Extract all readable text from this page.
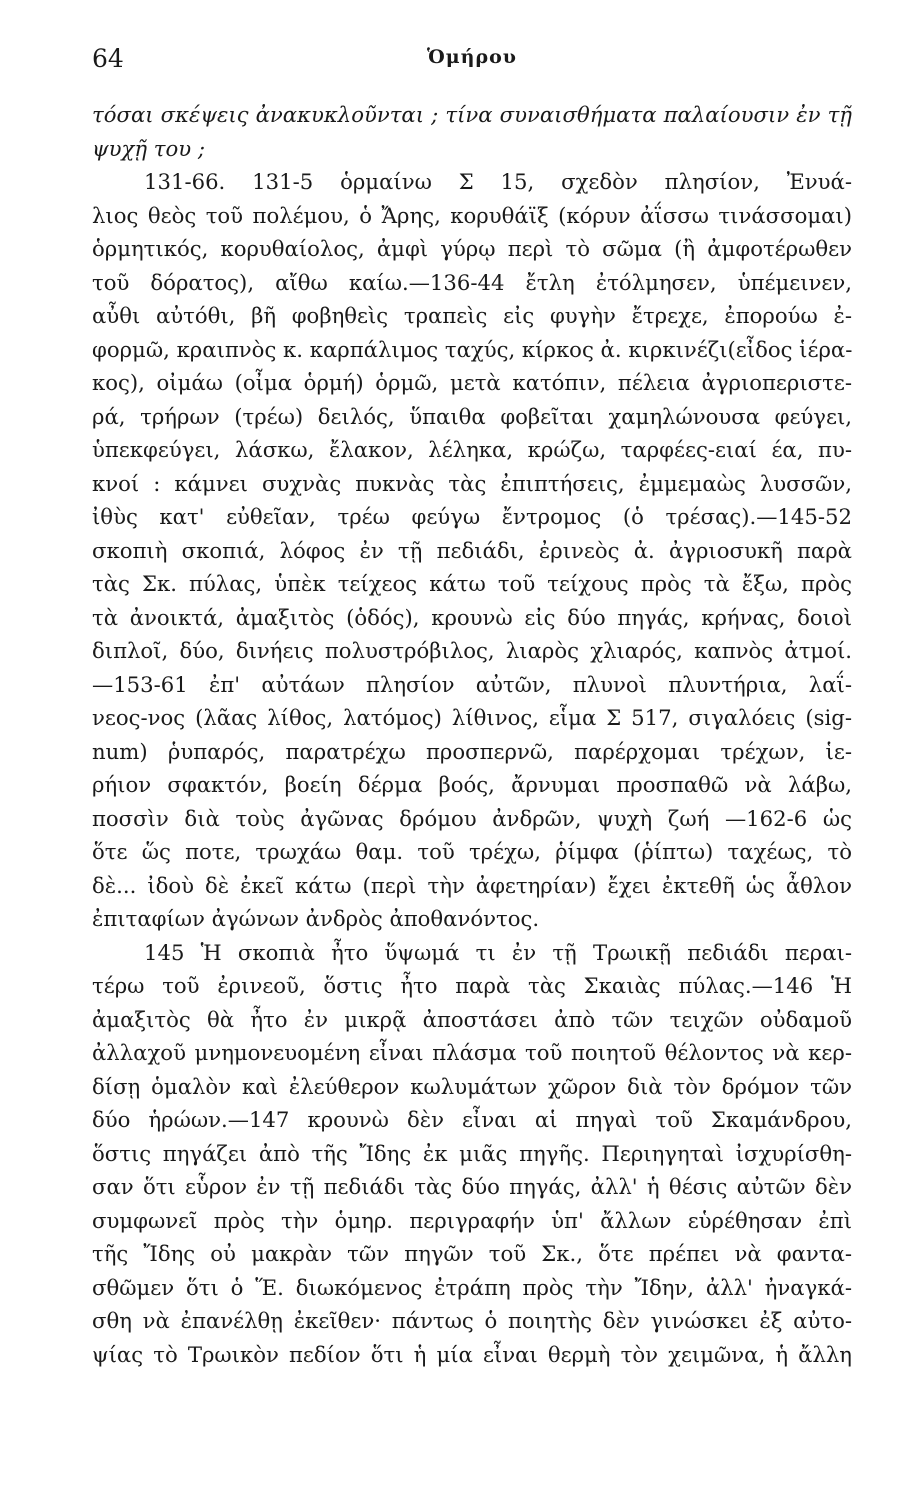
64	Ὁμήρου
τόσαι σκέψεις ἀνακυκλοῦνται ; τίνα συναισθήματα παλαίουσιν ἐν τῇ
ψυχῇ του ;
131-66. 131-5 ὁρμαίνω Σ 15, σχεδὸν πλησίον, Ἐνυά-
λιος θεὸς τοῦ πολέμου, ὁ Ἄρης, κορυθάϊξ (κόρυν ἀΐσσω τινάσσομαι)
ὁρμητικός, κορυθαίολος, ἀμφὶ γύρῳ περὶ τὸ σῶμα (ἢ ἀμφοτέρωθεν
τοῦ δόρατος), αἴθω καίω.—136-44 ἔτλη ἐτόλμησεν, ὑπέμεινεν,
αὖθι αὐτόθι, βῆ φοβηθεὶς τραπεὶς εἰς φυγὴν ἔτρεχε, ἐπορούω ἐ-
φορμῶ, κραιπνὸς κ. καρπάλιμος ταχύς, κίρκος ἀ. κιρκινέζι(εἶδος ἱέρα-
κος), οἰμάω (οἶμα ὁρμή) ὁρμῶ, μετὰ κατόπιν, πέλεια ἀγριοπεριστε-
ρά, τρήρων (τρέω) δειλός, ὕπαιθα φοβεῖται χαμηλώνουσα φεύγει,
ὑπεκφεύγει, λάσκω, ἔλακον, λέληκα, κρώζω, ταρφέες-ειαί έα, πυ-
κνοί : κάμνει συχνὰς πυκνὰς τὰς ἐπιπτήσεις, ἐμμεμαὼς λυσσῶν,
ἰθὺς κατ' εὐθεῖαν, τρέω φεύγω ἔντρομος (ὁ τρέσας).—145-52
σκοπιὴ σκοπιά, λόφος ἐν τῇ πεδιάδι, ἐρινεὸς ἀ. ἀγριοσυκῆ παρὰ
τὰς Σκ. πύλας, ὑπὲκ τείχεος κάτω τοῦ τείχους πρὸς τὰ ἔξω, πρὸς
τὰ ἀνοικτά, ἀμαξιτὸς (ὁδός), κρουνὼ εἰς δύο πηγάς, κρήνας, δοιοὶ
διπλοῖ, δύο, δινήεις πολυστρόβιλος, λιαρὸς χλιαρός, καπνὸς ἀτμοί.
—153-61 ἐπ' αὐτάων πλησίον αὐτῶν, πλυνοὶ πλυντήρια, λαΐ-
νεος-νος (λᾶας λίθος, λατόμος) λίθινος, εἷμα Σ 517, σιγαλόεις (sig-
num) ῥυπαρός, παρατρέχω προσπερνῶ, παρέρχομαι τρέχων, ἱε-
ρήιον σφακτόν, βοείη δέρμα βοός, ἄρνυμαι προσπαθῶ νὰ λάβω,
ποσσὶν διὰ τοὺς ἀγῶνας δρόμου ἀνδρῶν, ψυχὴ ζωή —162-6 ὡς
ὅτε ὥς ποτε, τρωχάω θαμ. τοῦ τρέχω, ῥίμφα (ῥίπτω) ταχέως, τὸ
δὲ... ἰδοὺ δὲ ἐκεῖ κάτω (περὶ τὴν ἀφετηρίαν) ἔχει ἐκτεθῆ ὡς ἆθλον
ἐπιταφίων ἀγώνων ἀνδρὸς ἀποθανόντος.
145 Ἡ σκοπιὰ ἦτο ὕψωμά τι ἐν τῇ Τρωικῇ πεδιάδι περαι-
τέρω τοῦ ἐρινεοῦ, ὅστις ἦτο παρὰ τὰς Σκαιὰς πύλας.—146 Ἡ
ἀμαξιτὸς θὰ ἦτο ἐν μικρᾷ ἀποστάσει ἀπὸ τῶν τειχῶν οὐδαμοῦ
ἀλλαχοῦ μνημονευομένη εἶναι πλάσμα τοῦ ποιητοῦ θέλοντος νὰ κερ-
δίσῃ ὁμαλὸν καὶ ἐλεύθερον κωλυμάτων χῶρον διὰ τὸν δρόμον τῶν
δύο ἡρώων.—147 κρουνὼ δὲν εἶναι αἱ πηγαὶ τοῦ Σκαμάνδρου,
ὅστις πηγάζει ἀπὸ τῆς Ἴδης ἐκ μιᾶς πηγῆς. Περιηγηταὶ ἰσχυρίσθη-
σαν ὅτι εὗρον ἐν τῇ πεδιάδι τὰς δύο πηγάς, ἀλλ' ἡ θέσις αὐτῶν δὲν
συμφωνεῖ πρὸς τὴν ὁμηρ. περιγραφήν ὑπ' ἄλλων εὑρέθησαν ἐπὶ
τῆς Ἴδης οὐ μακρὰν τῶν πηγῶν τοῦ Σκ., ὅτε πρέπει νὰ φαντα-
σθῶμεν ὅτι ὁ Ἕ. διωκόμενος ἐτράπη πρὸς τὴν Ἴδην, ἀλλ' ἠναγκά-
σθη νὰ ἐπανέλθῃ ἐκεῖθεν· πάντως ὁ ποιητὴς δὲν γινώσκει ἐξ αὐτο-
ψίας τὸ Τρωικὸν πεδίον ὅτι ἡ μία εἶναι θερμὴ τὸν χειμῶνα, ἡ ἄλλη
